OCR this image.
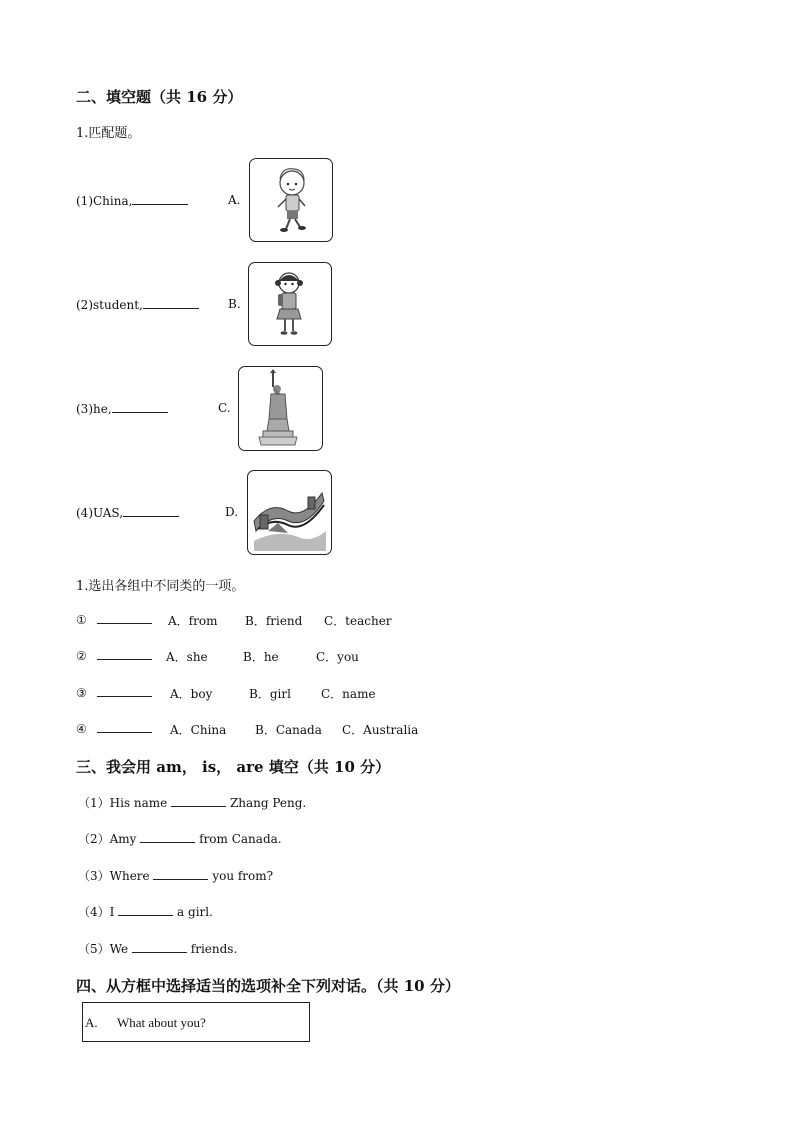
二、填空题（共 16 分）
1.匹配题。
(1)China,	A.
(2)student,	B.
(3)he,	C.
(4)UAS,	D.
1.选出各组中不同类的一项。
①	A．from B．friend C．teacher
②	A．she	B．he	C．you
③	A．boy	B．girl	C．name
④	A．China B．Canada C．Australia
三、我会用 am， is， are 填空（共 10 分）
（1）His name	Zhang Peng.
（2）Amy	from Canada.
（3）Where	you from?
（4）I	a girl.
（5）We	friends.
四、从方框中选择适当的选项补全下列对话。（共 10 分）
A. What about you?
